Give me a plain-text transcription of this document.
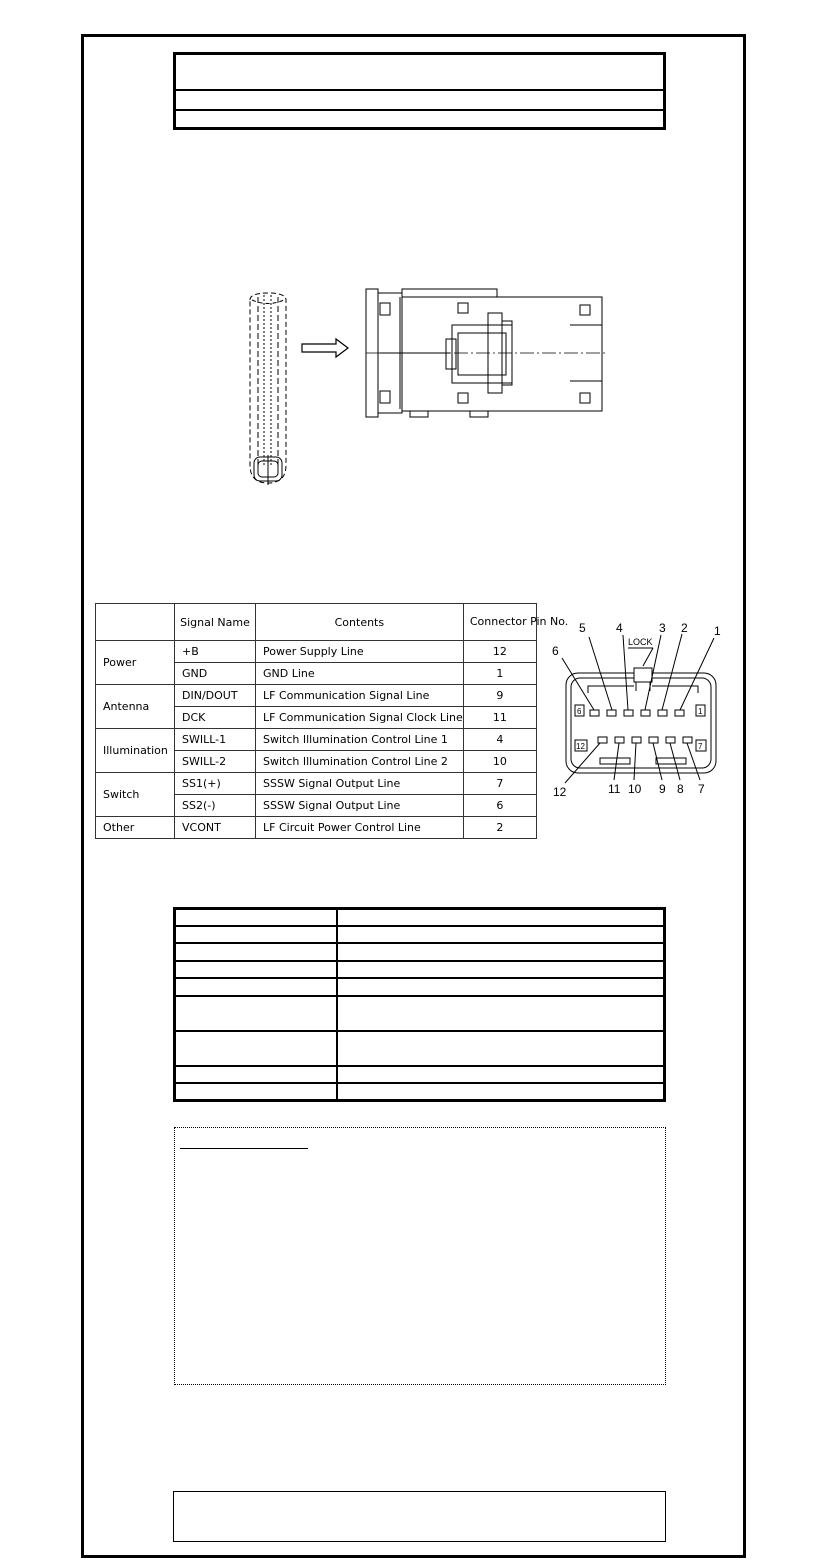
	Signal Name	Contents	Connector Pin No.
Power	+B	Power Supply Line	12
	GND	GND Line	1
Antenna	DIN/DOUT	LF Communication Signal Line	9
	DCK	LF Communication Signal Clock Line	11
Illumination	SWILL-1	Switch Illumination Control Line 1	4
	SWILL-2	Switch Illumination Control Line 2	10
Switch	SS1(+)	SSSW Signal Output Line	7
	SS2(-)	SSSW Signal Output Line	6
Other	VCONT	LF Circuit Power Control Line	2
LOCK
5	4	3 2 1
6
12	11 10 9 8 7
6	1
12	7
